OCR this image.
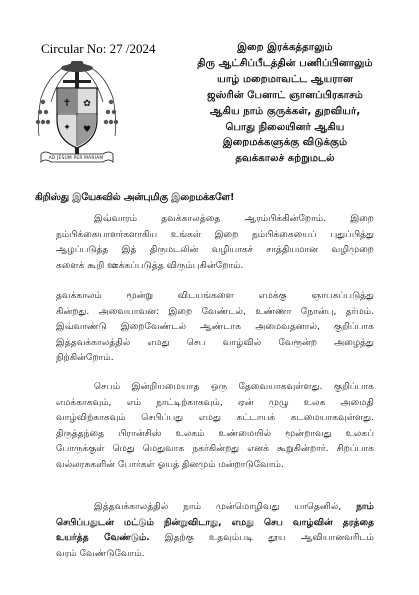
Circular No: 27 /2024
✝ ✿
✦ ♥
AD JESUM PER MARIAM
இறை இரக்கத்தாலும்
திரு ஆட்சிப்பீடத்தின் பணிப்பினாலும்
யாழ் மறைமாவட்ட ஆயரான
ஜஸ்ரின் பேனாட் ஞானப்பிரகாசம்
ஆகிய நாம் குருக்கள், துறவியர்,
பொது நிலையினர் ஆகிய
இறைமக்களுக்கு விடுக்கும்
தவக்காலச் சுற்றுமடல்
கிறிஸ்து இயேசுவில் அன்புமிகு இறைமக்களே!
இவ்வாரம் தவக்காலத்தை ஆரம்பிக்கின்றோம். இறை
நம்பிக்கையாளர்களாகிய உங்கள் இறை நம்பிக்கையைப் புதுப்பித்து
ஆழப்படுத்த இத் திருமடலின் வழியாகச் சாத்தியமான வழிமுறை
களைக் கூறி ஊக்கப்படுத்த விரும்புகின்றோம்.
தவக்காலம் மூன்று விடயங்களை எமக்கு ஞாபகப்படுத்து
கின்றது. அவையாவன: இறை வேண்டல், உண்ணா நோன்பு, தர்மம்.
இவ்வாண்டு இறைவேண்டல் ஆண்டாக அமைவதனால், குறிப்பாக
இத்தவக்காலத்தில் எமது செப வாழ்வில் வேரூன்ற அழைத்து
நிற்கின்றோம்.
செபம் இன்றியமையாத ஒரு தேவையாகவுள்ளது. குறிப்பாக
எமக்காகவும், எம் நாட்டிற்காகவும், ஏன் முழு உலக அமைதி
வாழ்விற்காகவும் செபிப்பது எமது கட்டாயக் கடமையாகவுள்ளது.
திருத்தந்தை பிரான்சிஸ் உலகம் உண்மையில் மூன்றாவது உலகப்
போருக்குள் மெது மெதுவாக நகர்கின்றது எனக் கூறுகின்றார். சிறப்பாக
வல்லரசுகளின் போர்கள் ஓயத் தினமும் மன்றாடுவோம்.
இத்தவக்காலத்தில் நாம் முன்மொழிவது யாதெனில், நாம்
செபிப்பதுடன் மட்டும் நின்றுவிடாது, எமது செப வாழ்வின் தரத்தை
உயர்த்த வேண்டும். இதற்கு உதவும்படி தூய ஆவியானவரிடம்
வரம் வேண்டுவோம்.
